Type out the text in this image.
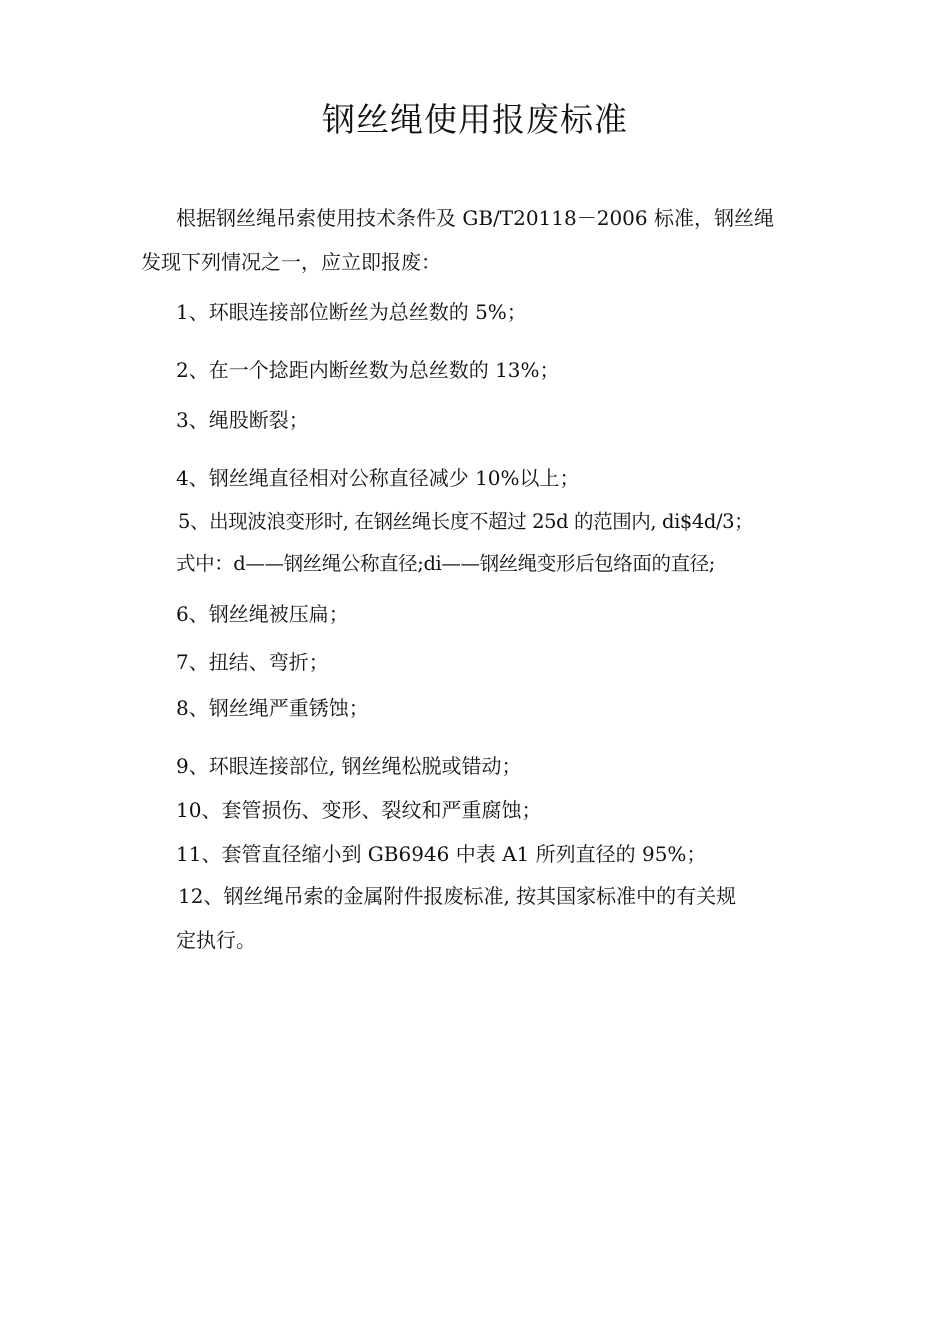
钢丝绳使用报废标准
根据钢丝绳吊索使用技术条件及 GB/T20118－2006 标准，钢丝绳
发现下列情况之一，应立即报废：
1、环眼连接部位断丝为总丝数的 5%；
2、在一个捻距内断丝数为总丝数的 13%；
3、绳股断裂；
4、钢丝绳直径相对公称直径减少 10%以上；
5、出现波浪变形时, 在钢丝绳长度不超过 25d 的范围内, di$4d/3；
式中：d——钢丝绳公称直径;di——钢丝绳变形后包络面的直径;
6、钢丝绳被压扁；
7、扭结、弯折；
8、钢丝绳严重锈蚀；
9、环眼连接部位, 钢丝绳松脱或错动；
10、套管损伤、变形、裂纹和严重腐蚀；
11、套管直径缩小到 GB6946 中表 A1 所列直径的 95%；
12、钢丝绳吊索的金属附件报废标准, 按其国家标准中的有关规
定执行。
